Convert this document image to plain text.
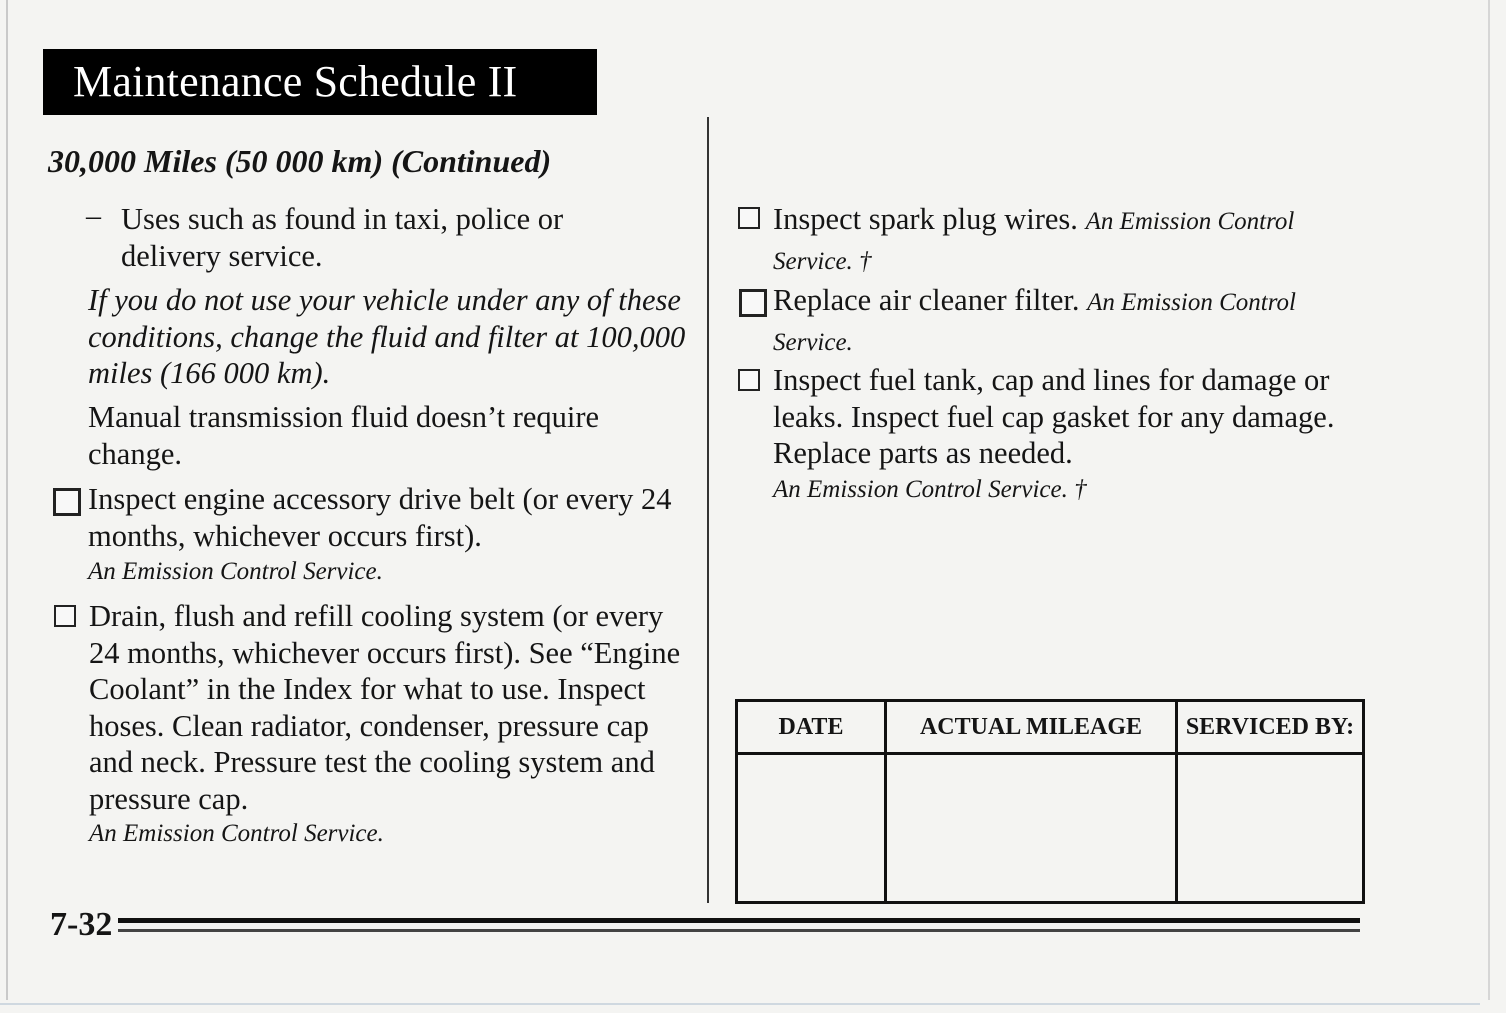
Maintenance Schedule II
30,000 Miles (50 000 km) (Continued)
– Uses such as found in taxi, police or delivery service.

If you do not use your vehicle under any of these conditions, change the fluid and filter at 100,000 miles (166 000 km).

Manual transmission fluid doesn’t require change.

Inspect engine accessory drive belt (or every 24 months, whichever occurs first).

An Emission Control Service.

Drain, flush and refill cooling system (or every 24 months, whichever occurs first). See “Engine Coolant” in the Index for what to use. Inspect hoses. Clean radiator, condenser, pressure cap and neck. Pressure test the cooling system and pressure cap.

An Emission Control Service.

Inspect spark plug wires. An Emission Control Service. †

Replace air cleaner filter. An Emission Control Service.

Inspect fuel tank, cap and lines for damage or leaks. Inspect fuel cap gasket for any damage. Replace parts as needed.

An Emission Control Service. †
DATE	ACTUAL MILEAGE	SERVICED BY:

7-32
